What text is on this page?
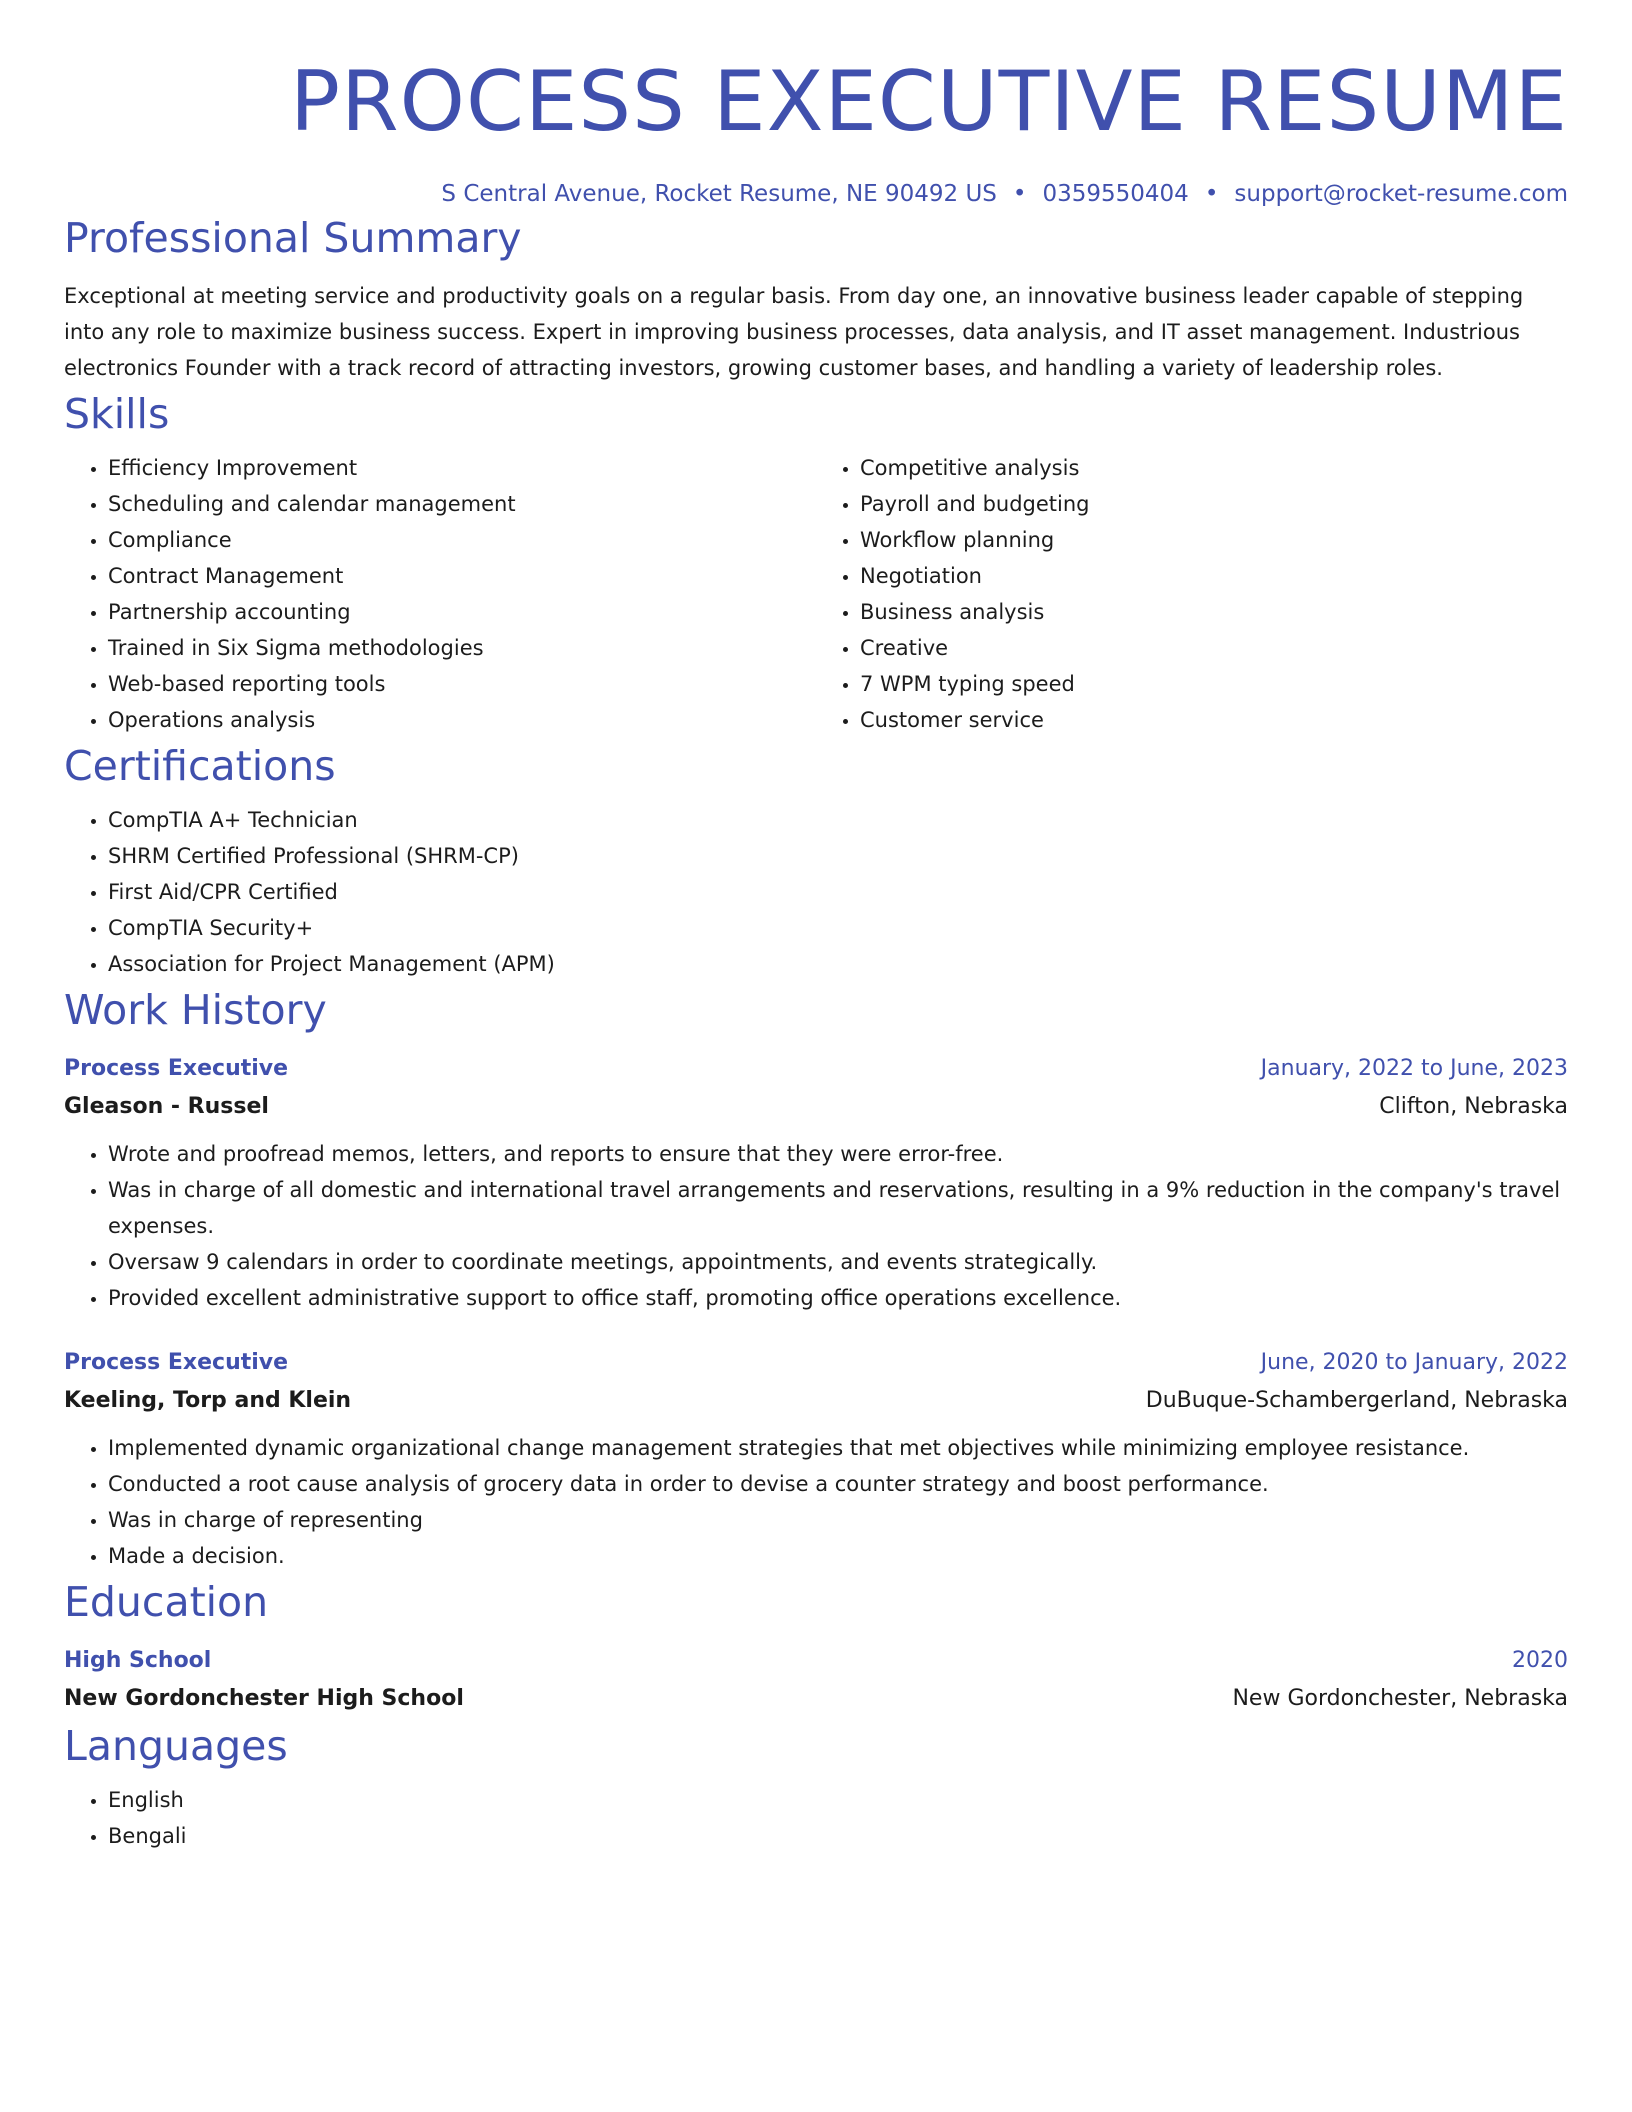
PROCESS EXECUTIVE RESUME
S Central Avenue, Rocket Resume, NE 90492 US • 0359550404 • support@rocket-resume.com
Professional Summary

Exceptional at meeting service and productivity goals on a regular basis. From day one, an innovative business leader capable of stepping into any role to maximize business success. Expert in improving business processes, data analysis, and IT asset management. Industrious electronics Founder with a track record of attracting investors, growing customer bases, and handling a variety of leadership roles.

Skills
• Efficiency Improvement
• Scheduling and calendar management
• Compliance
• Contract Management
• Partnership accounting
• Trained in Six Sigma methodologies
• Web-based reporting tools
• Operations analysis
• Competitive analysis
• Payroll and budgeting
• Workflow planning
• Negotiation
• Business analysis
• Creative
• 7 WPM typing speed
• Customer service
Certifications
• CompTIA A+ Technician
• SHRM Certified Professional (SHRM-CP)
• First Aid/CPR Certified
• CompTIA Security+
• Association for Project Management (APM)
Work History
Process Executive	January, 2022 to June, 2023
Gleason - Russel	Clifton, Nebraska
• Wrote and proofread memos, letters, and reports to ensure that they were error-free.
• Was in charge of all domestic and international travel arrangements and reservations, resulting in a 9% reduction in the company's travel expenses.
• Oversaw 9 calendars in order to coordinate meetings, appointments, and events strategically.
• Provided excellent administrative support to office staff, promoting office operations excellence.
Process Executive	June, 2020 to January, 2022
Keeling, Torp and Klein	DuBuque-Schambergerland, Nebraska
• Implemented dynamic organizational change management strategies that met objectives while minimizing employee resistance.
• Conducted a root cause analysis of grocery data in order to devise a counter strategy and boost performance.
• Was in charge of representing
• Made a decision.
Education
High School	2020
New Gordonchester High School	New Gordonchester, Nebraska
Languages
• English
• Bengali
